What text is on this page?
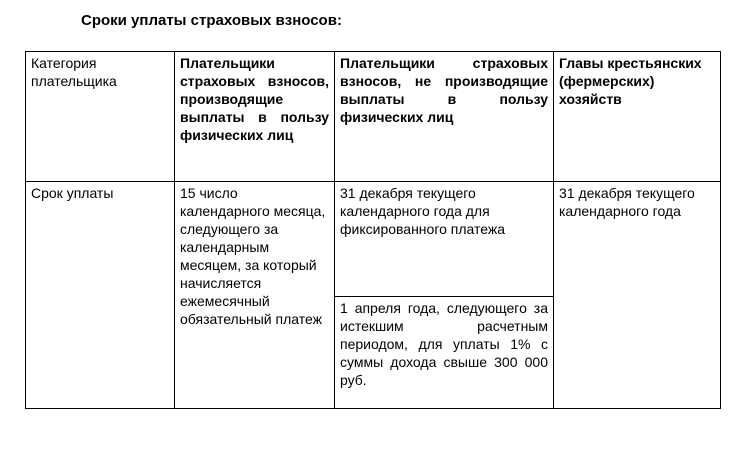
Сроки уплаты страховых взносов:
Категория плательщика	Плательщики страховых взносов, производящие выплаты в пользу физических лиц	Плательщики страховых взносов, не производящие выплаты в пользу физических лиц	Главы крестьянских (фермерских) хозяйств
Срок уплаты	15 число календарного месяца, следующего за календарным месяцем, за который начисляется ежемесячный обязательный платеж	31 декабря текущего календарного года для фиксированного платежа	31 декабря текущего календарного года
		1 апреля года, следующего за истекшим расчетным периодом, для уплаты 1% с суммы дохода свыше 300 000 руб.	
